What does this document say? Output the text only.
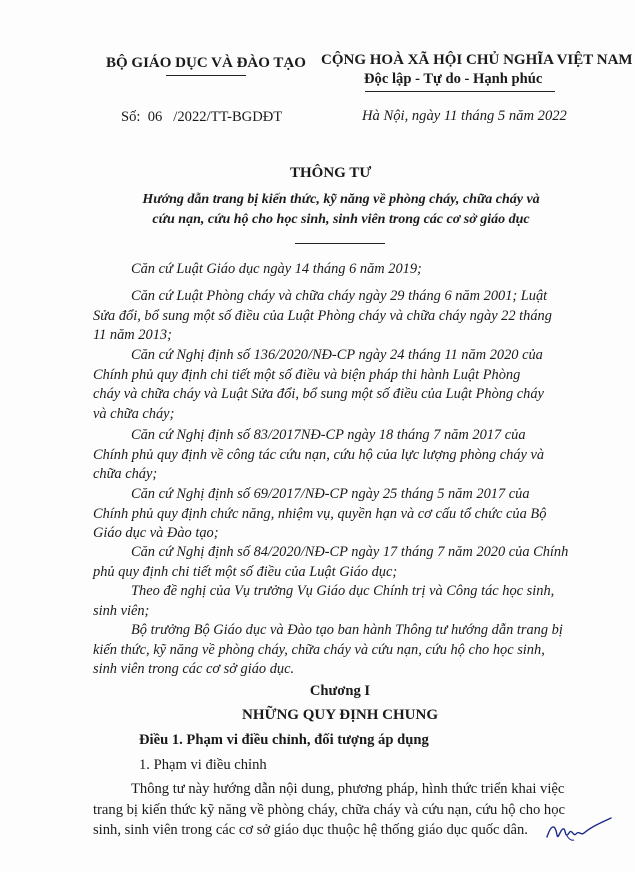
BỘ GIÁO DỤC VÀ ĐÀO TẠO CỘNG HOÀ XÃ HỘI CHỦ NGHĨA VIỆT NAM
Độc lập - Tự do - Hạnh phúc
Số:  06   /2022/TT-BGDĐT	Hà Nội, ngày 11 tháng 5 năm 2022
THÔNG TƯ
Hướng dẫn trang bị kiến thức, kỹ năng về phòng cháy, chữa cháy và
cứu nạn, cứu hộ cho học sinh, sinh viên trong các cơ sở giáo dục
Căn cứ Luật Giáo dục ngày 14 tháng 6 năm 2019;
Căn cứ Luật Phòng cháy và chữa cháy ngày 29 tháng 6 năm 2001; Luật
Sửa đổi, bổ sung một số điều của Luật Phòng cháy và chữa cháy ngày 22 tháng
11 năm 2013;
Căn cứ Nghị định số 136/2020/NĐ-CP ngày 24 tháng 11 năm 2020 của
Chính phủ quy định chi tiết một số điều và biện pháp thi hành Luật Phòng
cháy và chữa cháy và Luật Sửa đổi, bổ sung một số điều của Luật Phòng cháy
và chữa cháy;
Căn cứ Nghị định số 83/2017NĐ-CP ngày 18 tháng 7 năm 2017 của
Chính phủ quy định về công tác cứu nạn, cứu hộ của lực lượng phòng cháy và
chữa cháy;
Căn cứ Nghị định số 69/2017/NĐ-CP ngày 25 tháng 5 năm 2017 của
Chính phủ quy định chức năng, nhiệm vụ, quyền hạn và cơ cấu tổ chức của Bộ
Giáo dục và Đào tạo;
Căn cứ Nghị định số 84/2020/NĐ-CP ngày 17 tháng 7 năm 2020 của Chính
phủ quy định chi tiết một số điều của Luật Giáo dục;
Theo đề nghị của Vụ trưởng Vụ Giáo dục Chính trị và Công tác học sinh,
sinh viên;
Bộ trưởng Bộ Giáo dục và Đào tạo ban hành Thông tư hướng dẫn trang bị
kiến thức, kỹ năng về phòng cháy, chữa cháy và cứu nạn, cứu hộ cho học sinh,
sinh viên trong các cơ sở giáo dục.
Chương I
NHỮNG QUY ĐỊNH CHUNG
Điều 1. Phạm vi điều chỉnh, đối tượng áp dụng
1. Phạm vi điều chỉnh
Thông tư này hướng dẫn nội dung, phương pháp, hình thức triển khai việc
trang bị kiến thức kỹ năng về phòng cháy, chữa cháy và cứu nạn, cứu hộ cho học
sinh, sinh viên trong các cơ sở giáo dục thuộc hệ thống giáo dục quốc dân.
